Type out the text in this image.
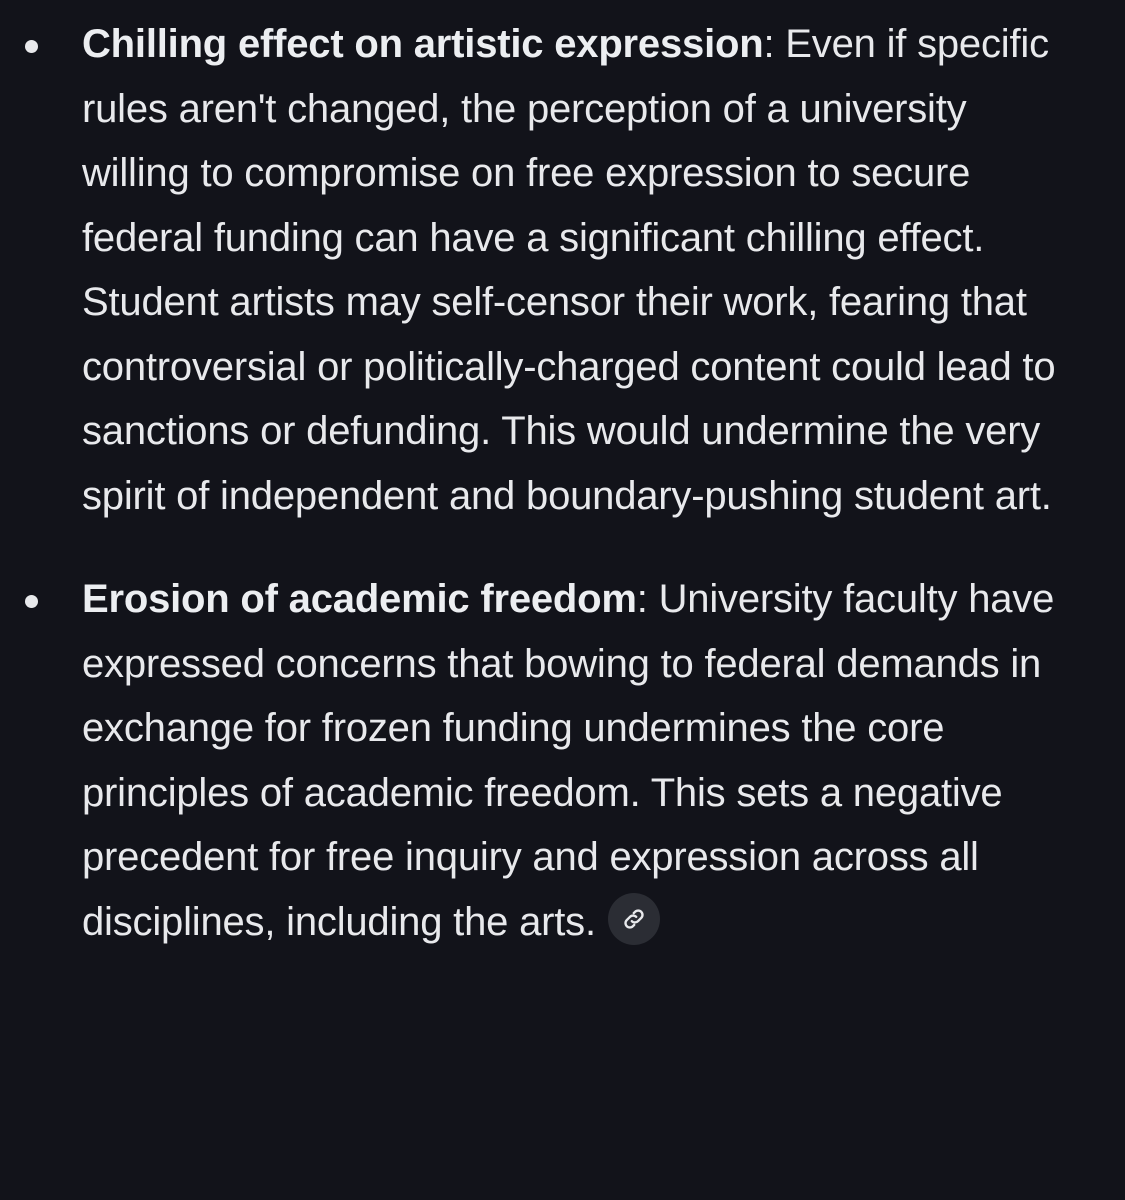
Chilling effect on artistic expression: Even if specific rules aren't changed, the perception of a university willing to compromise on free expression to secure federal funding can have a significant chilling effect. Student artists may self-censor their work, fearing that controversial or politically-charged content could lead to sanctions or defunding. This would undermine the very spirit of independent and boundary-pushing student art.
Erosion of academic freedom: University faculty have expressed concerns that bowing to federal demands in exchange for frozen funding undermines the core principles of academic freedom. This sets a negative precedent for free inquiry and expression across all disciplines, including the arts.
